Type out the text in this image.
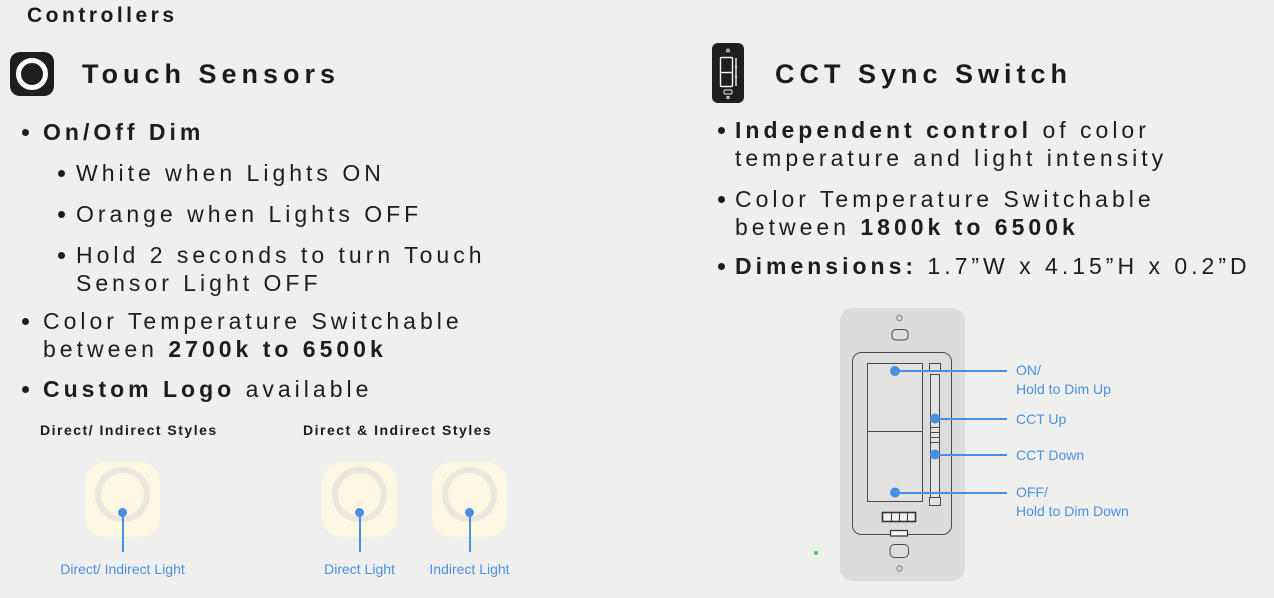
Controllers
Touch Sensors
On/Off Dim
White when Lights ON
Orange when Lights OFF
Hold 2 seconds to turn Touch
Sensor Light OFF
Color Temperature Switchable
between 2700k to 6500k
Custom Logo available
Direct/ Indirect Styles	Direct & Indirect Styles
Direct/ Indirect Light	Direct Light Indirect Light
CCT Sync Switch
Independent control of color
temperature and light intensity
Color Temperature Switchable
between 1800k to 6500k
Dimensions: 1.7”W x 4.15”H x 0.2”D
ON/
Hold to Dim Up
CCT Up
CCT Down
OFF/
Hold to Dim Down
